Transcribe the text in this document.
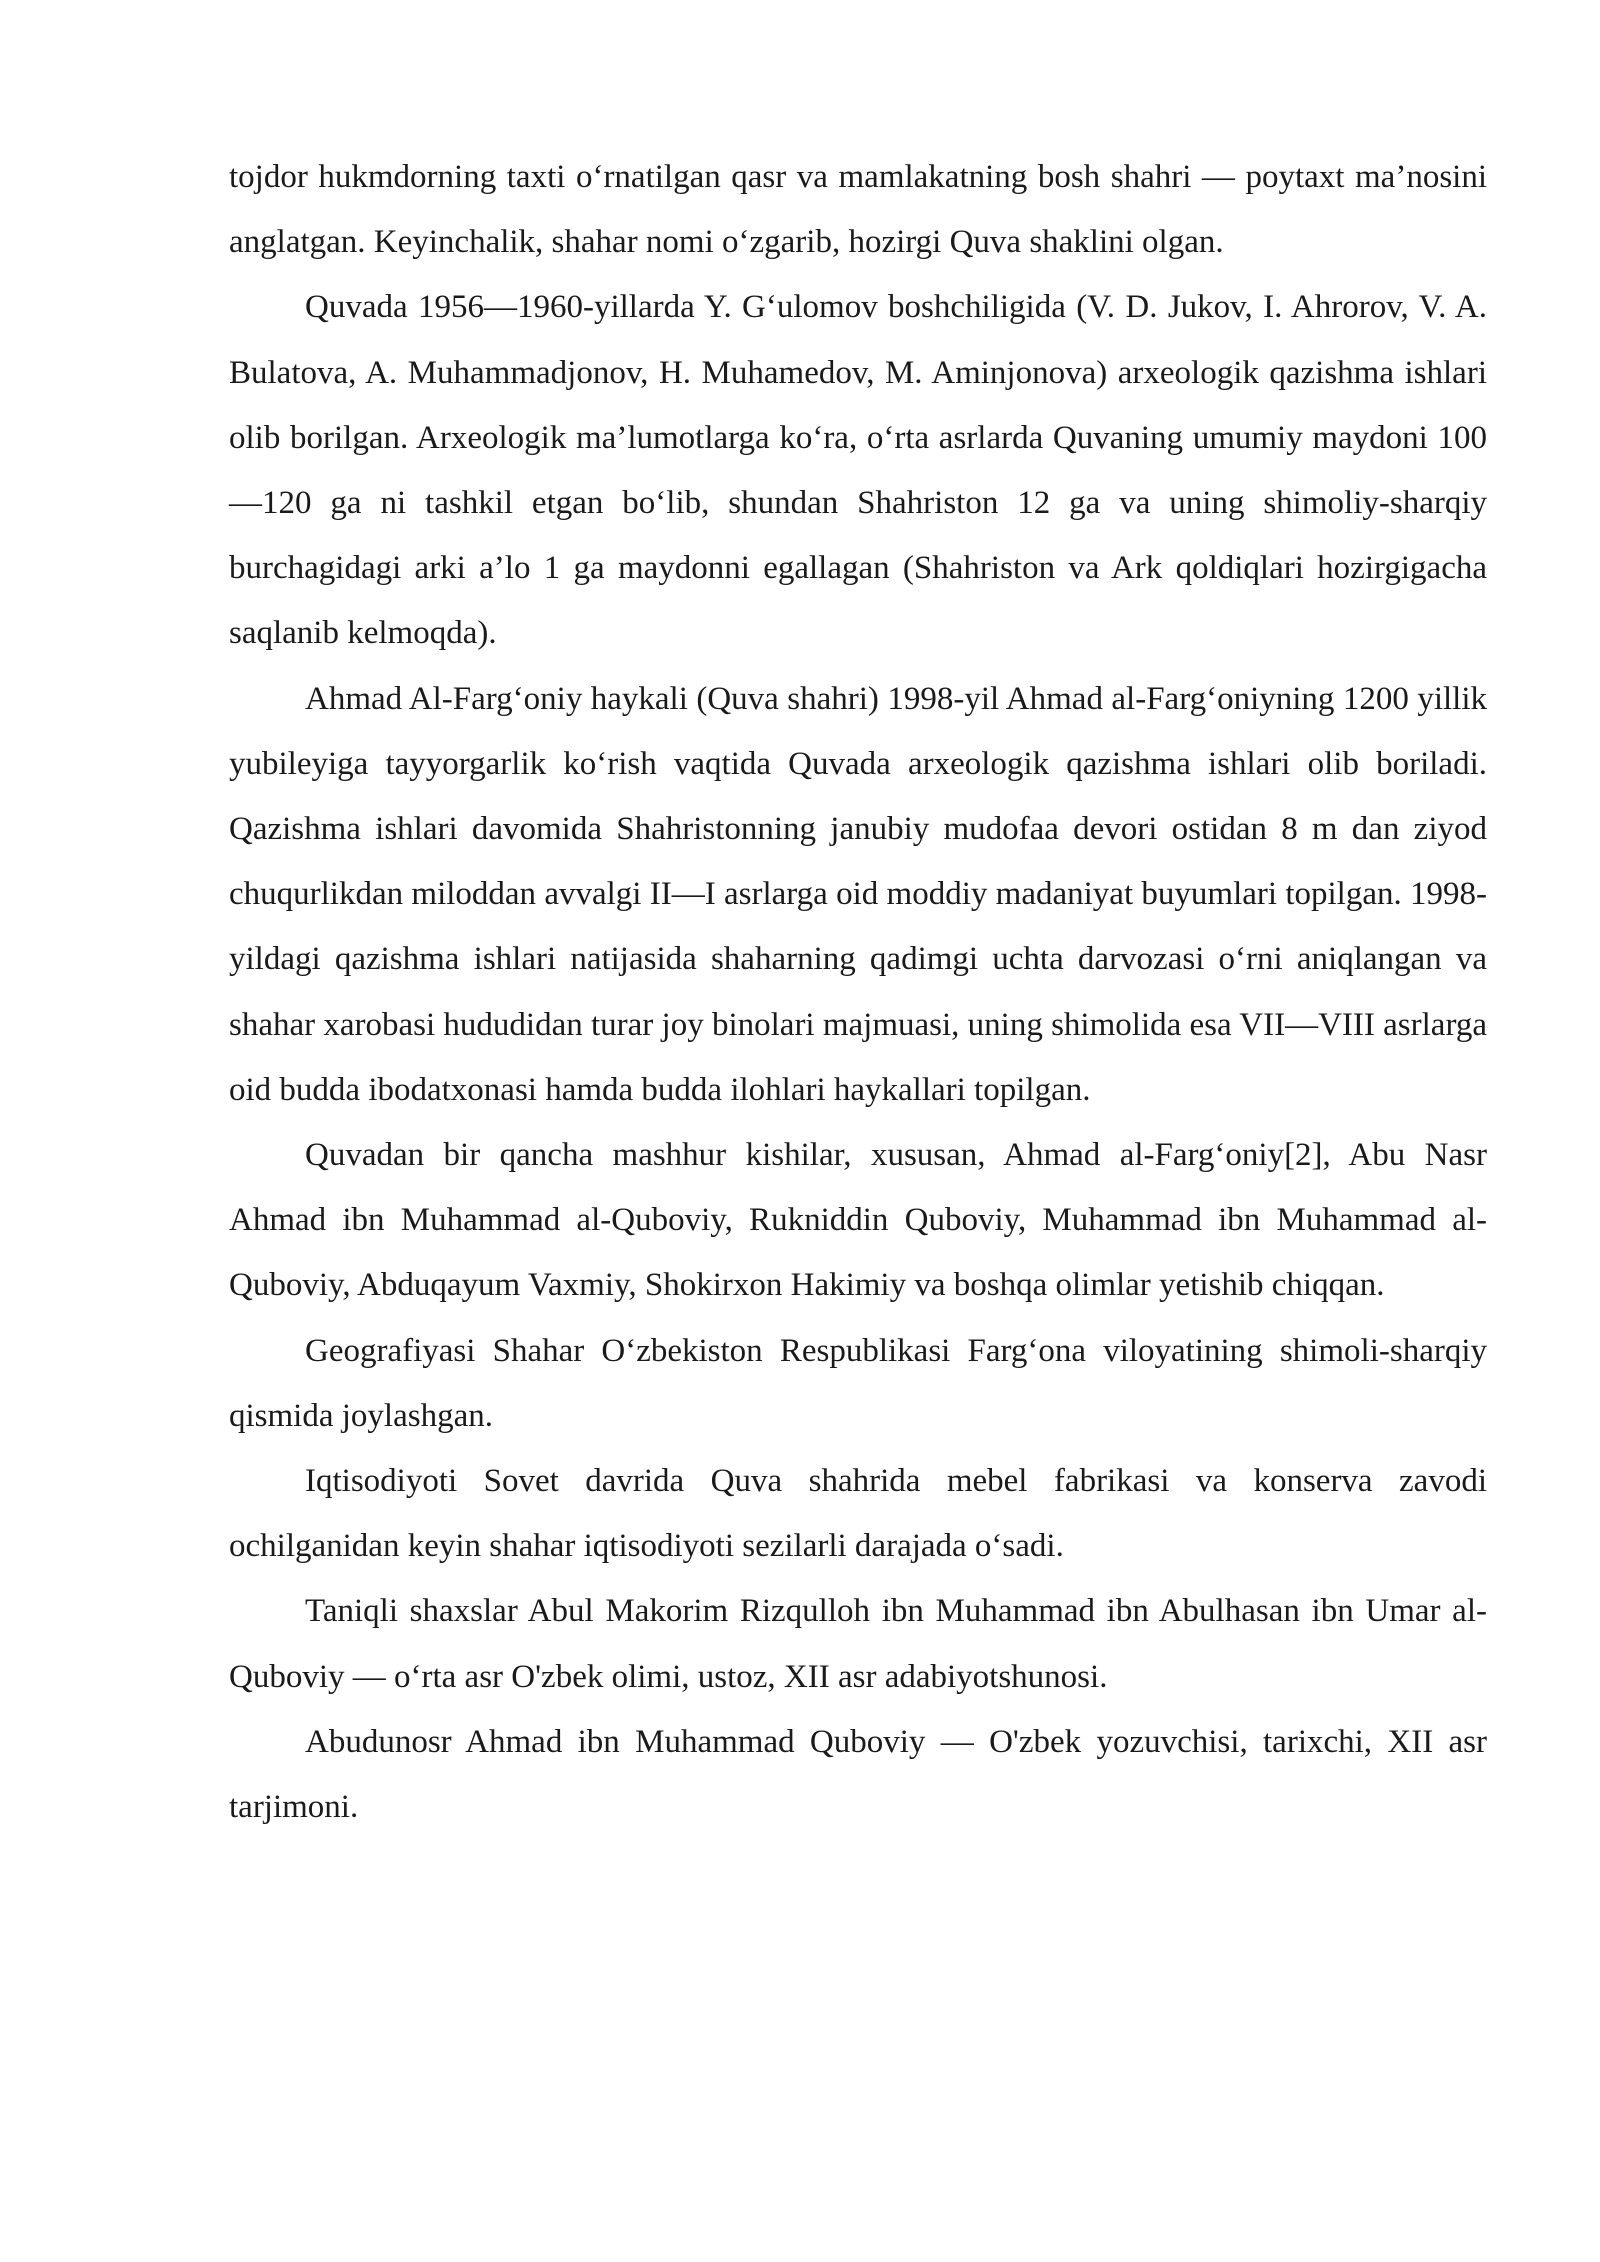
tojdor hukmdorning taxti o‘rnatilgan qasr va mamlakatning bosh shahri — poytaxt ma’nosini anglatgan. Keyinchalik, shahar nomi o‘zgarib, hozirgi Quva shaklini olgan.

Quvada 1956—1960-yillarda Y. G‘ulomov boshchiligida (V. D. Jukov, I. Ahrorov, V. A. Bulatova, A. Muhammadjonov, H. Muhamedov, M. Aminjonova) arxeologik qazishma ishlari olib borilgan. Arxeologik ma’lumotlarga ko‘ra, o‘rta asrlarda Quvaning umumiy maydoni 100—120 ga ni tashkil etgan bo‘lib, shundan Shahriston 12 ga va uning shimoliy-sharqiy burchagidagi arki a’lo 1 ga maydonni egallagan (Shahriston va Ark qoldiqlari hozirgigacha saqlanib kelmoqda).

Ahmad Al-Farg‘oniy haykali (Quva shahri) 1998-yil Ahmad al-Farg‘oniyning 1200 yillik yubileyiga tayyorgarlik ko‘rish vaqtida Quvada arxeologik qazishma ishlari olib boriladi. Qazishma ishlari davomida Shahristonning janubiy mudofaa devori ostidan 8 m dan ziyod chuqurlikdan miloddan avvalgi II—I asrlarga oid moddiy madaniyat buyumlari topilgan. 1998-yildagi qazishma ishlari natijasida shaharning qadimgi uchta darvozasi o‘rni aniqlangan va shahar xarobasi hududidan turar joy binolari majmuasi, uning shimolida esa VII—VIII asrlarga oid budda ibodatxonasi hamda budda ilohlari haykallari topilgan.

Quvadan bir qancha mashhur kishilar, xususan, Ahmad al-Farg‘oniy[2], Abu Nasr Ahmad ibn Muhammad al-Quboviy, Rukniddin Quboviy, Muhammad ibn Muhammad al-Quboviy, Abduqayum Vaxmiy, Shokirxon Hakimiy va boshqa olimlar yetishib chiqqan.

Geografiyasi Shahar O‘zbekiston Respublikasi Farg‘ona viloyatining shimoli-sharqiy qismida joylashgan.

Iqtisodiyoti Sovet davrida Quva shahrida mebel fabrikasi va konserva zavodi ochilganidan keyin shahar iqtisodiyoti sezilarli darajada o‘sadi.

Taniqli shaxslar Abul Makorim Rizqulloh ibn Muhammad ibn Abulhasan ibn Umar al-Quboviy — o‘rta asr O'zbek olimi, ustoz, XII asr adabiyotshunosi.

Abudunosr Ahmad ibn Muhammad Quboviy — O'zbek yozuvchisi, tarixchi, XII asr tarjimoni.
